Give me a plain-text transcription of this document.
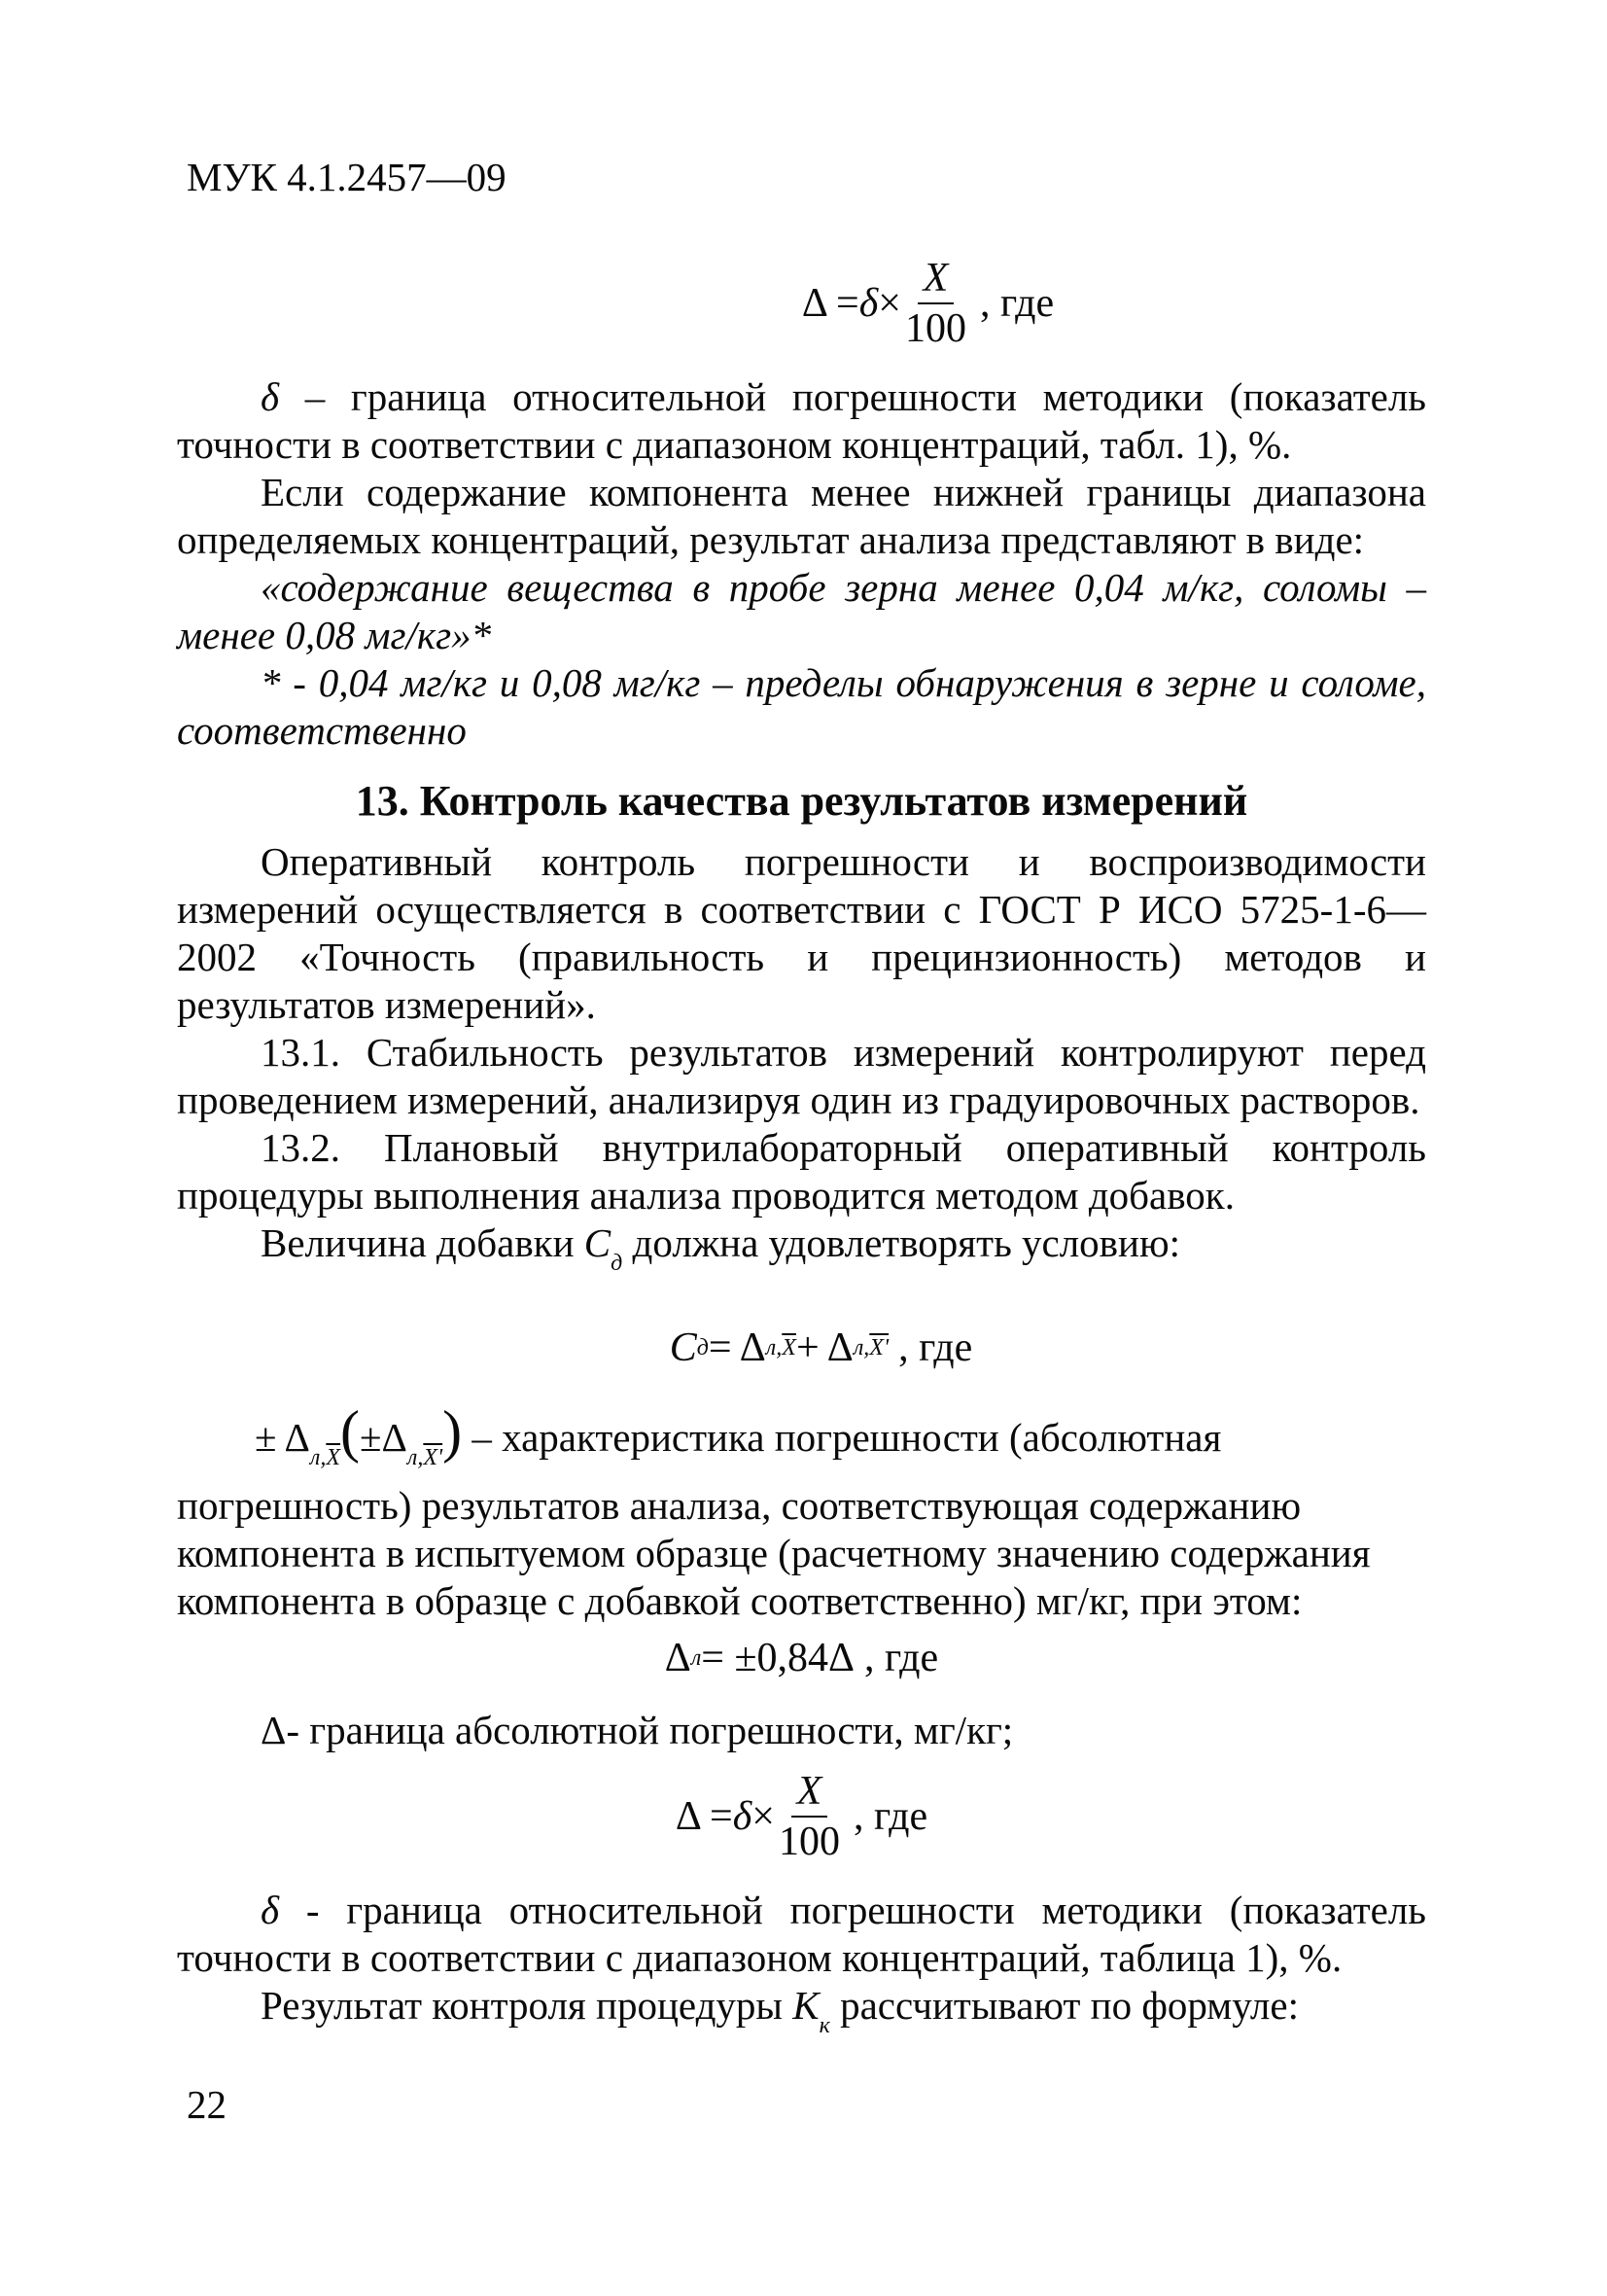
МУК 4.1.2457—09
$\Delta = \delta \times \frac{X}{100}$ , где

δ – граница относительной погрешности методики (показатель точности в соответствии с диапазоном концентраций, табл. 1), %.

Если содержание компонента менее нижней границы диапазона определяемых концентраций, результат анализа представляют в виде:

«содержание вещества в пробе зерна менее 0,04 м/кг, соломы – менее 0,08 мг/кг»*

* - 0,04 мг/кг и 0,08 мг/кг – пределы обнаружения в зерне и соломе, соответственно

13. Контроль качества результатов измерений

Оперативный контроль погрешности и воспроизводимости измерений осуществляется в соответствии с ГОСТ Р ИСО 5725-1-6—2002 «Точность (правильность и прецинзионность) методов и результатов измерений».

13.1. Стабильность результатов измерений контролируют перед проведением измерений, анализируя один из градуировочных растворов.

13.2. Плановый внутрилабораторный оперативный контроль процедуры выполнения анализа проводится методом добавок.

Величина добавки $C_д$ должна удовлетворять условию:

C д = Δ $л,\overline{X} + \Delta$ л,X' , где

± $\Delta_{л,\overline{X}}(\pm\Delta_{л,X'})$ – характеристика погрешности (абсолютная погрешность) результатов анализа, соответствующая содержанию компонента в испытуемом образце (расчетному значению содержания компонента в образце с добавкой соответственно) мг/кг, при этом:

Δ л = ±0,84Δ , где

Δ- граница абсолютной погрешности, мг/кг;

$\Delta = \delta \times \frac{X}{100}$ , где

δ - граница относительной погрешности методики (показатель точности в соответствии с диапазоном концентраций, таблица 1), %.

Результат контроля процедуры $K_к$ рассчитывают по формуле:

22
